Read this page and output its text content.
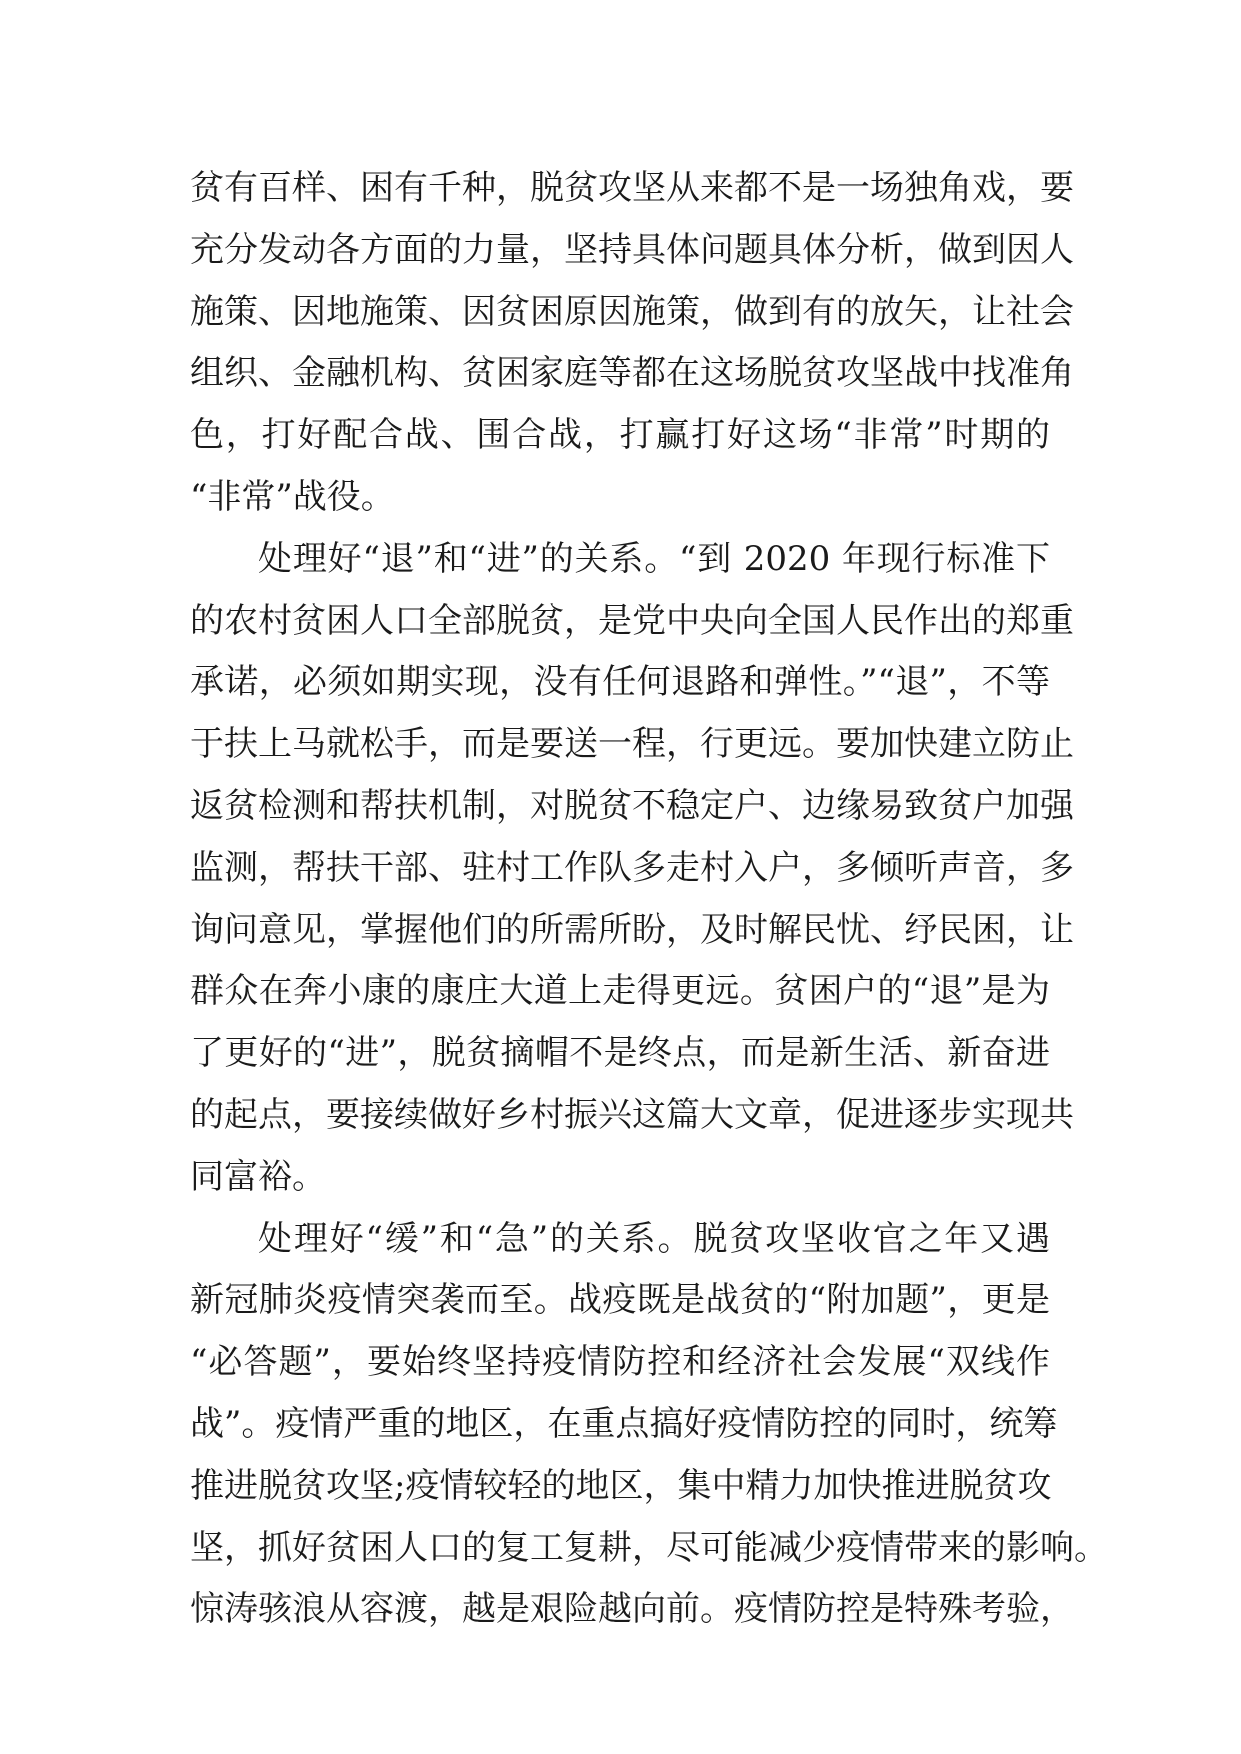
贫有百样、困有千种，脱贫攻坚从来都不是一场独角戏，要
充分发动各方面的力量，坚持具体问题具体分析，做到因人
施策、因地施策、因贫困原因施策，做到有的放矢，让社会
组织、金融机构、贫困家庭等都在这场脱贫攻坚战中找准角
色，打好配合战、围合战，打赢打好这场“非常”时期的
“非常”战役。
处理好“退”和“进”的关系。“到 2020 年现行标准下
的农村贫困人口全部脱贫，是党中央向全国人民作出的郑重
承诺，必须如期实现，没有任何退路和弹性。”“退”，不等
于扶上马就松手，而是要送一程，行更远。要加快建立防止
返贫检测和帮扶机制，对脱贫不稳定户、边缘易致贫户加强
监测，帮扶干部、驻村工作队多走村入户，多倾听声音，多
询问意见，掌握他们的所需所盼，及时解民忧、纾民困，让
群众在奔小康的康庄大道上走得更远。贫困户的“退”是为
了更好的“进”，脱贫摘帽不是终点，而是新生活、新奋进
的起点，要接续做好乡村振兴这篇大文章，促进逐步实现共
同富裕。
处理好“缓”和“急”的关系。脱贫攻坚收官之年又遇
新冠肺炎疫情突袭而至。战疫既是战贫的“附加题”，更是
“必答题”，要始终坚持疫情防控和经济社会发展“双线作
战”。疫情严重的地区，在重点搞好疫情防控的同时，统筹
推进脱贫攻坚;疫情较轻的地区，集中精力加快推进脱贫攻
坚，抓好贫困人口的复工复耕，尽可能减少疫情带来的影响。
惊涛骇浪从容渡，越是艰险越向前。疫情防控是特殊考验，
